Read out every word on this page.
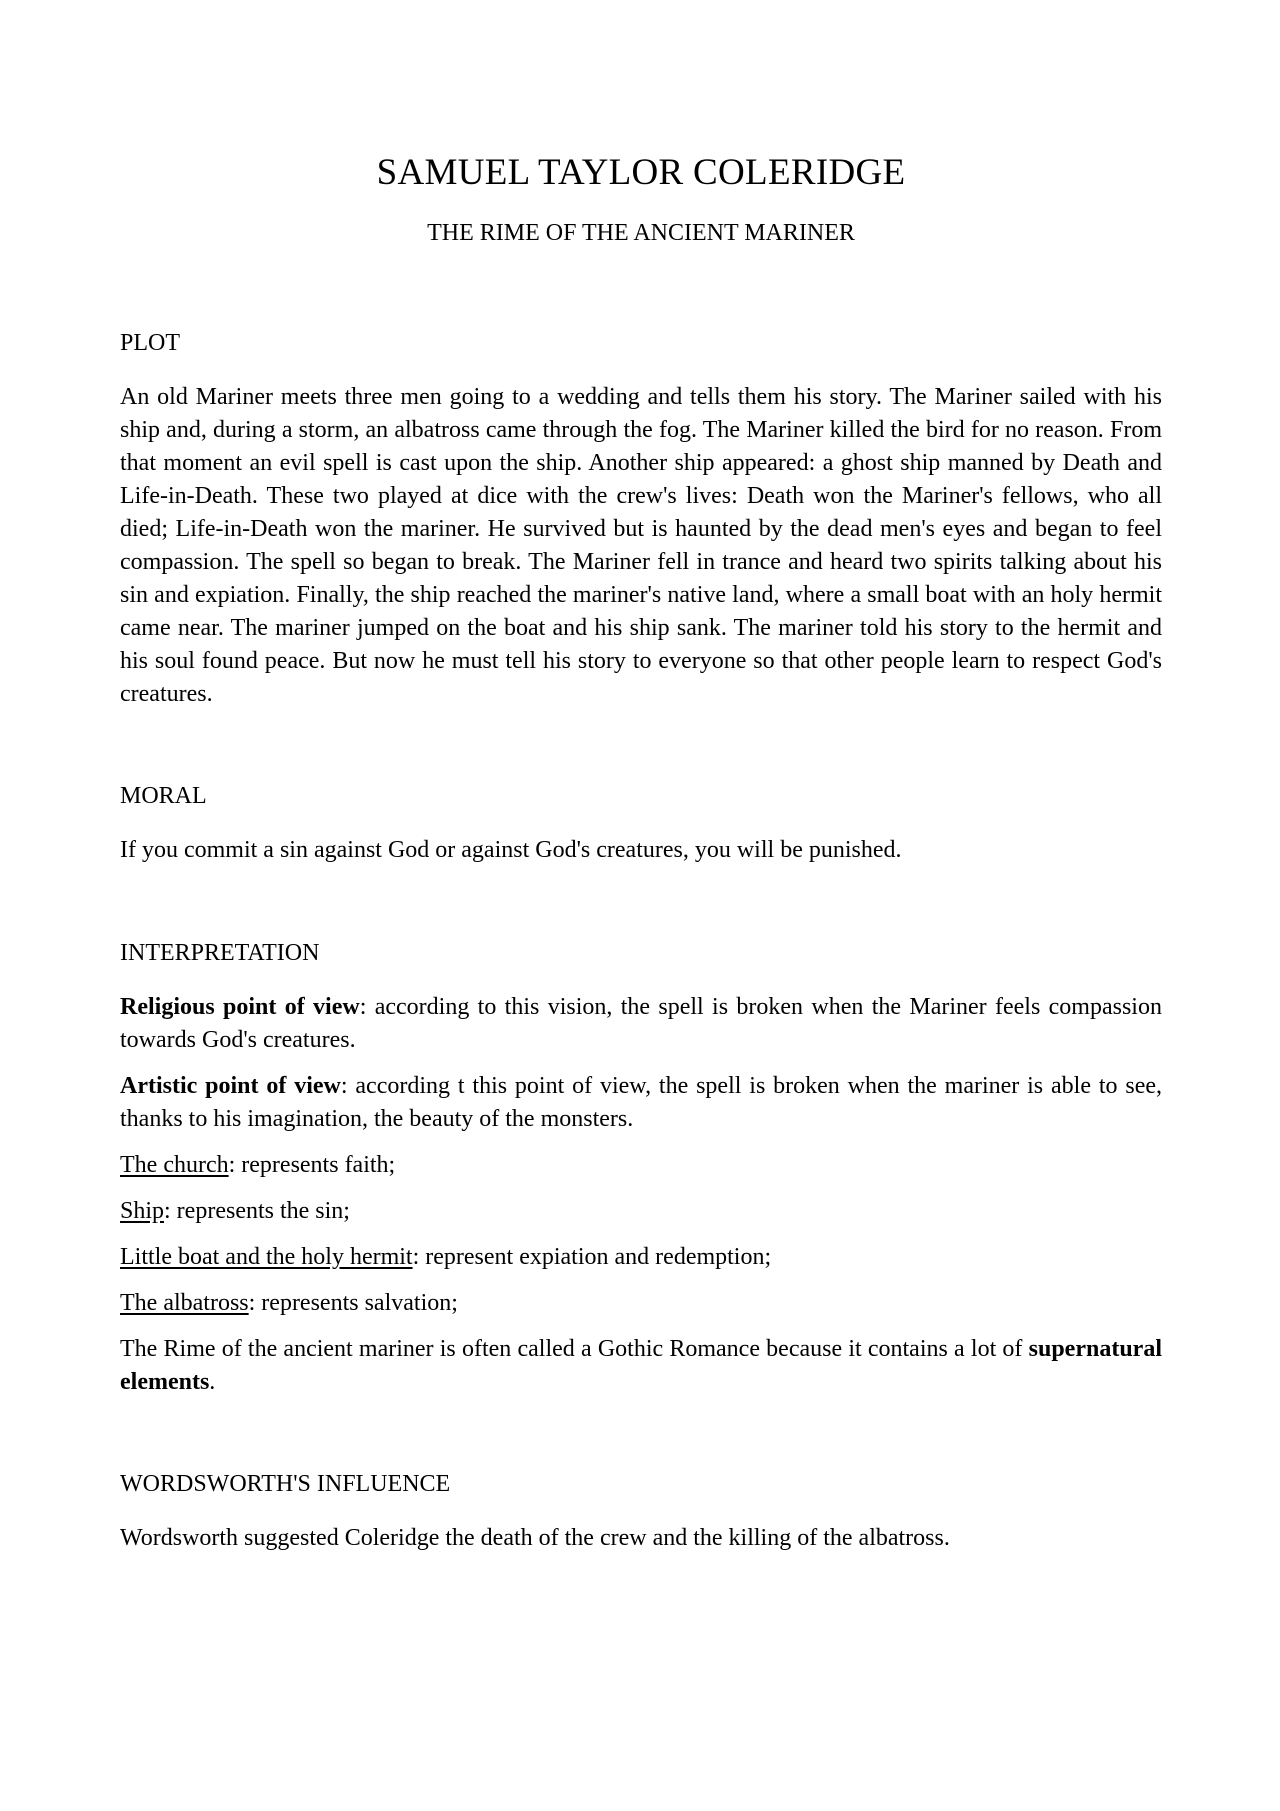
SAMUEL TAYLOR COLERIDGE
THE RIME OF THE ANCIENT MARINER
PLOT

An old Mariner meets three men going to a wedding and tells them his story. The Mariner sailed with his ship and, during a storm, an albatross came through the fog. The Mariner killed the bird for no reason. From that moment an evil spell is cast upon the ship. Another ship appeared: a ghost ship manned by Death and Life-in-Death. These two played at dice with the crew's lives: Death won the Mariner's fellows, who all died; Life-in-Death won the mariner. He survived but is haunted by the dead men's eyes and began to feel compassion. The spell so began to break. The Mariner fell in trance and heard two spirits talking about his sin and expiation. Finally, the ship reached the mariner's native land, where a small boat with an holy hermit came near. The mariner jumped on the boat and his ship sank. The mariner told his story to the hermit and his soul found peace. But now he must tell his story to everyone so that other people learn to respect God's creatures.

MORAL

If you commit a sin against God or against God's creatures, you will be punished.

INTERPRETATION

Religious point of view: according to this vision, the spell is broken when the Mariner feels compassion towards God's creatures.

Artistic point of view: according t this point of view, the spell is broken when the mariner is able to see, thanks to his imagination, the beauty of the monsters.

The church: represents faith;

Ship: represents the sin;

Little boat and the holy hermit: represent expiation and redemption;

The albatross: represents salvation;

The Rime of the ancient mariner is often called a Gothic Romance because it contains a lot of supernatural elements.

WORDSWORTH'S INFLUENCE

Wordsworth suggested Coleridge the death of the crew and the killing of the albatross.
